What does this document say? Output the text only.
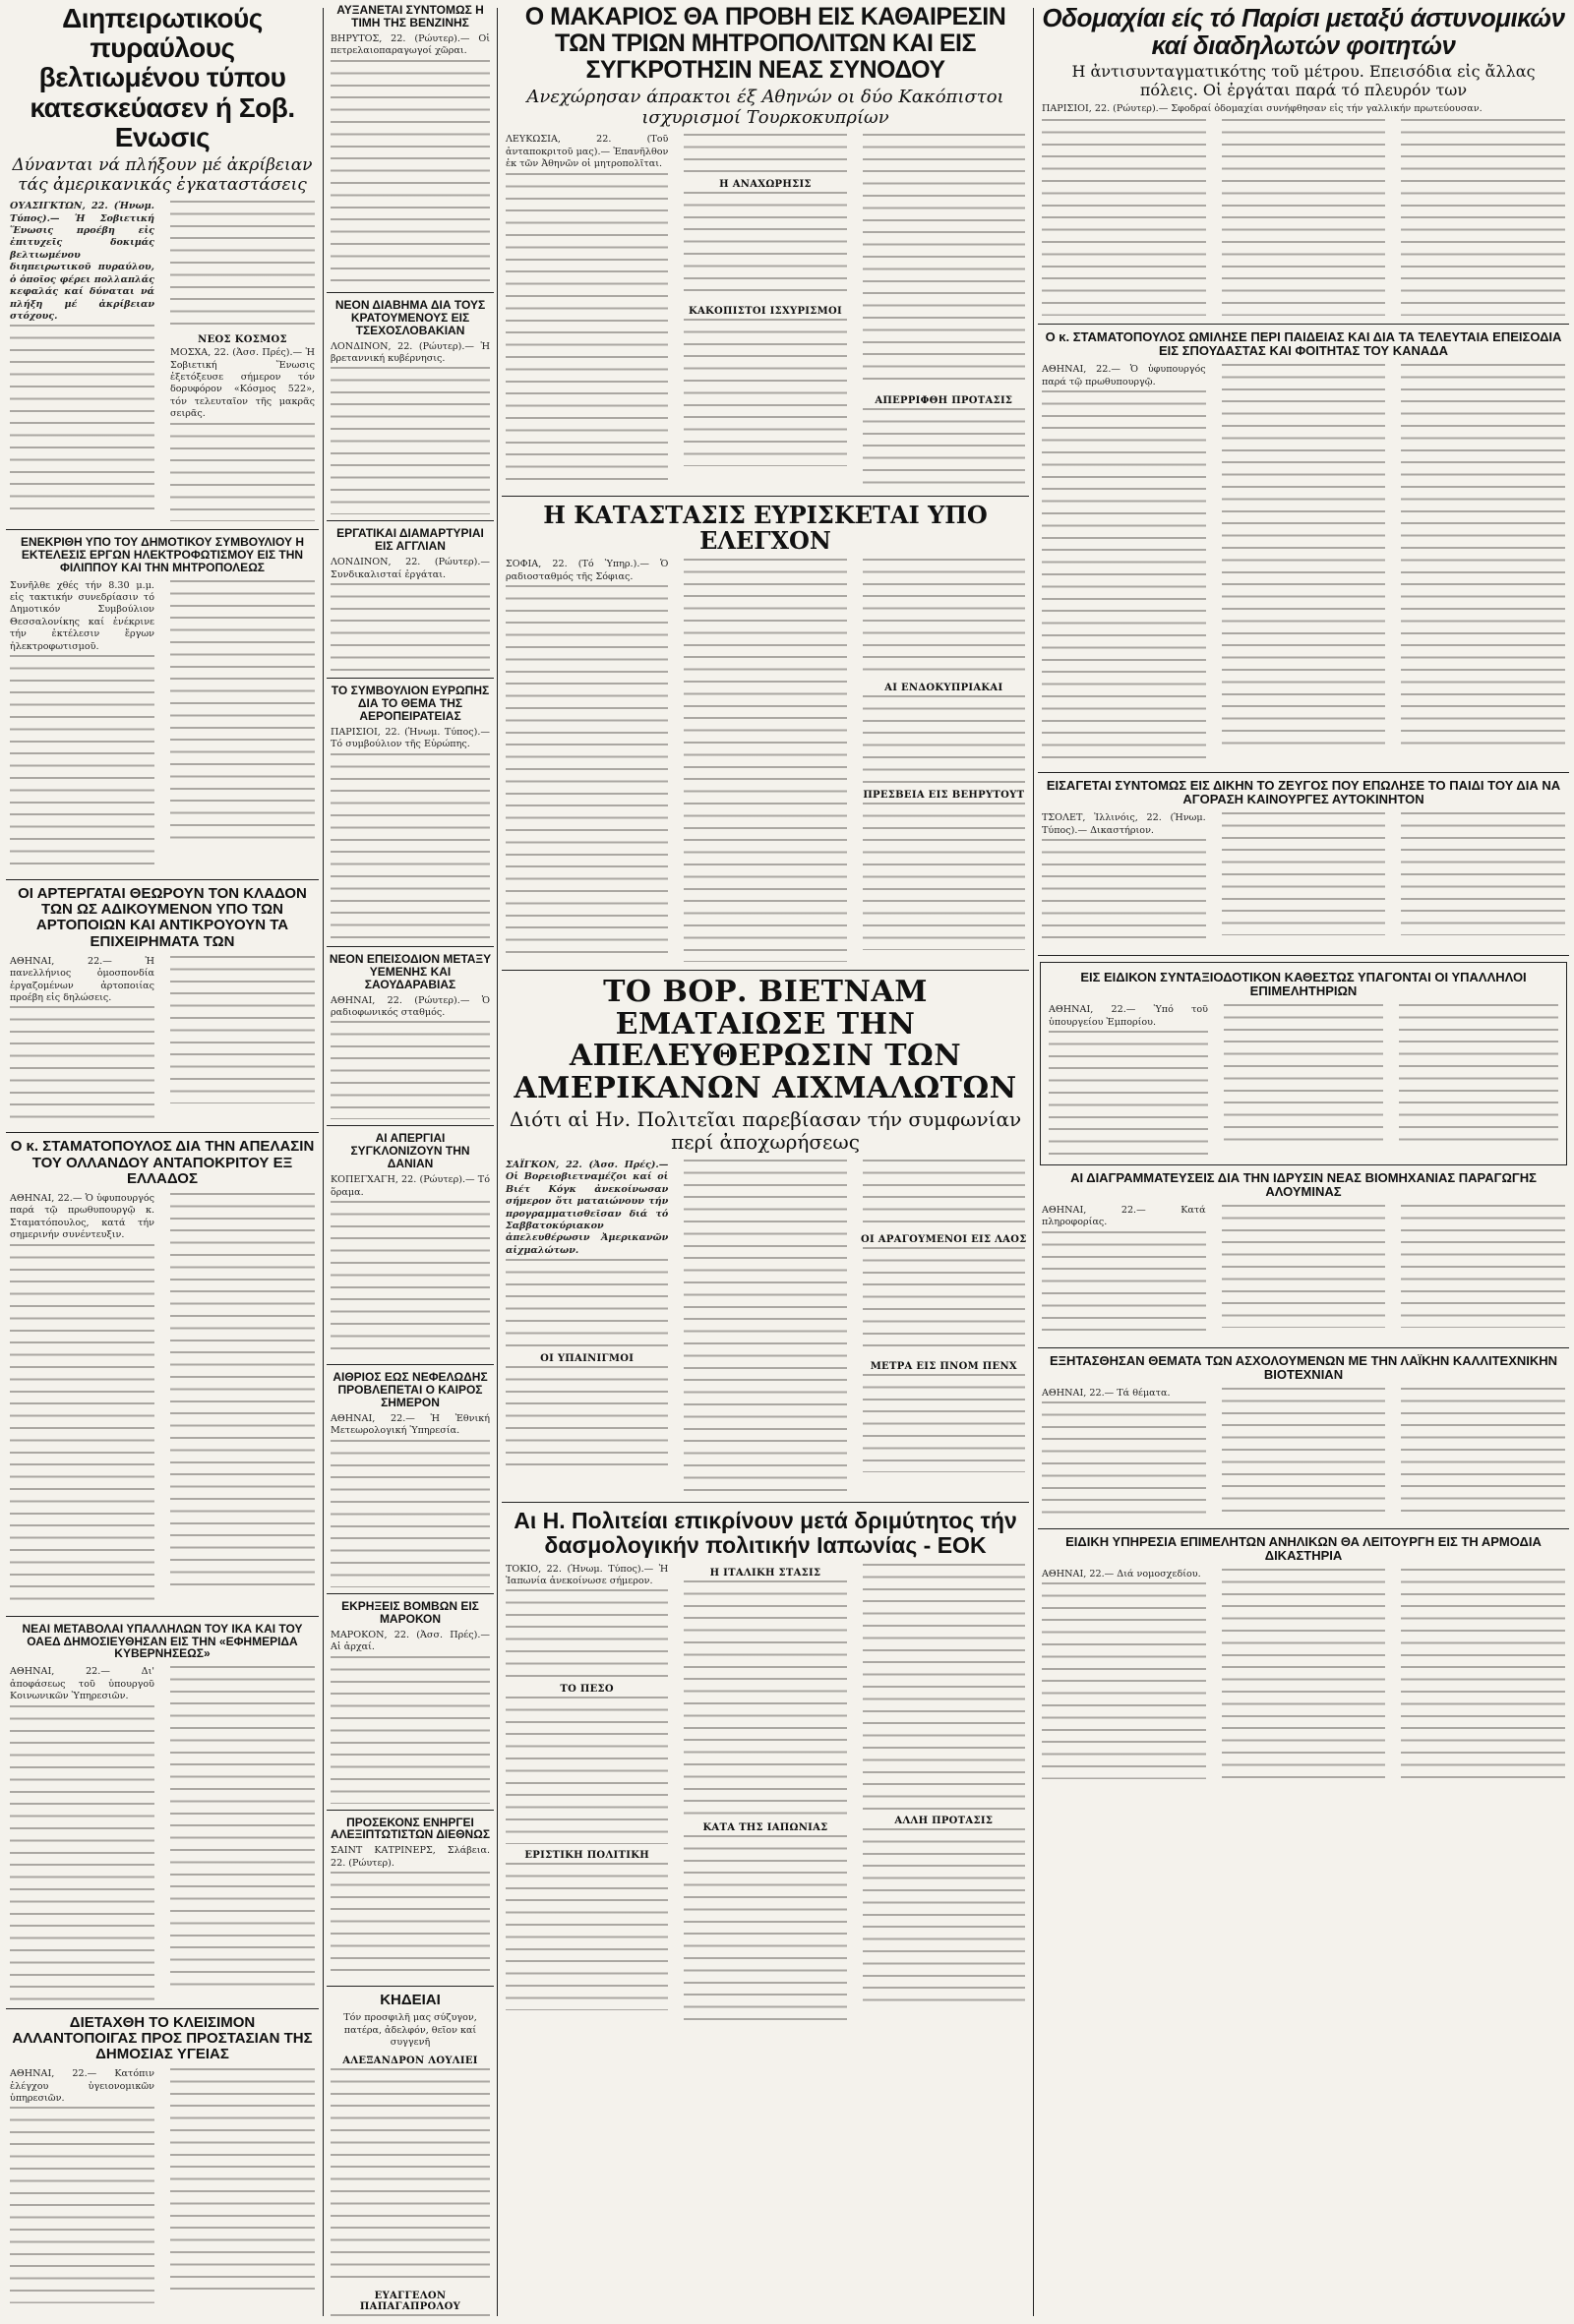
Διηπειρωτικούς πυραύλους βελτιωμένου τύπου κατεσκεύασεν ή Σοβ. Ενωσις
Δύνανται νά πλήξουν μέ ἀκρίβειαν τάς ἀμερικανικάς ἐγκαταστάσεις
ΟΥΑΣΙΓΚΤΩΝ, 22. (Ἡνωμ. Τύπος).— Ἡ Σοβιετική Ἕνωσις προέβη εἰς ἐπιτυχεῖς δοκιμάς βελτιωμένου διηπειρωτικοῦ πυραύλου, ὁ ὁποῖος φέρει πολλαπλάς κεφαλάς καί δύναται νά πλήξη μέ ἀκρίβειαν στόχους.
ΝΕΟΣ ΚΟΣΜΟΣ
ΜΟΣΧΑ, 22. (Ἀσσ. Πρές).— Ἡ Σοβιετική Ἕνωσις ἐξετόξευσε σήμερον τόν δορυφόρον «Κόσμος 522», τόν τελευταῖον τῆς μακρᾶς σειρᾶς.
ΕΝΕΚΡΙΘΗ ΥΠΟ ΤΟΥ ΔΗΜΟΤΙΚΟΥ ΣΥΜΒΟΥΛΙΟΥ Η ΕΚΤΕΛΕΣΙΣ ΕΡΓΩΝ ΗΛΕΚΤΡΟΦΩΤΙΣΜΟΥ ΕΙΣ ΤΗΝ ΦΙΛΙΠΠΟΥ ΚΑΙ ΤΗΝ ΜΗΤΡΟΠΟΛΕΩΣ
Συνῆλθε χθές τήν 8.30 μ.μ. εἰς τακτικήν συνεδρίασιν τό Δημοτικόν Συμβούλιον Θεσσαλονίκης καί ἐνέκρινε τήν ἐκτέλεσιν ἔργων ἠλεκτροφωτισμοῦ.
ΟΙ ΑΡΤΕΡΓΑΤΑΙ ΘΕΩΡΟΥΝ ΤΟΝ ΚΛΑΔΟΝ ΤΩΝ ΩΣ ΑΔΙΚΟΥΜΕΝΟΝ ΥΠΟ ΤΩΝ ΑΡΤΟΠΟΙΩΝ ΚΑΙ ΑΝΤΙΚΡΟΥΟΥΝ ΤΑ ΕΠΙΧΕΙΡΗΜΑΤΑ ΤΩΝ
ΑΘΗΝΑΙ, 22.— Ἡ πανελλήνιος ὁμοσπονδία ἐργαζομένων ἀρτοποιίας προέβη εἰς δηλώσεις.
Ο κ. ΣΤΑΜΑΤΟΠΟΥΛΟΣ ΔΙΑ ΤΗΝ ΑΠΕΛΑΣΙΝ ΤΟΥ ΟΛΛΑΝΔΟΥ ΑΝΤΑΠΟΚΡΙΤΟΥ ΕΞ ΕΛΛΑΔΟΣ
ΑΘΗΝΑΙ, 22.— Ὁ ὑφυπουργός παρά τῷ πρωθυπουργῷ κ. Σταματόπουλος, κατά τήν σημερινήν συνέντευξιν.
ΝΕΑΙ ΜΕΤΑΒΟΛΑΙ ΥΠΑΛΛΗΛΩΝ ΤΟΥ ΙΚΑ ΚΑΙ ΤΟΥ ΟΑΕΔ ΔΗΜΟΣΙΕΥΘΗΣΑΝ ΕΙΣ ΤΗΝ «ΕΦΗΜΕΡΙΔΑ ΚΥΒΕΡΝΗΣΕΩΣ»
ΑΘΗΝΑΙ, 22.— Δι' ἀποφάσεως τοῦ ὑπουργοῦ Κοινωνικῶν Ὑπηρεσιῶν.
ΔΙΕΤΑΧΘΗ ΤΟ ΚΛΕΙΣΙΜΟΝ ΑΛΛΑΝΤΟΠΟΙΓΑΣ ΠΡΟΣ ΠΡΟΣΤΑΣΙΑΝ ΤΗΣ ΔΗΜΟΣΙΑΣ ΥΓΕΙΑΣ
ΑΘΗΝΑΙ, 22.— Κατόπιν ἐλέγχου ὑγειονομικῶν ὑπηρεσιῶν.
ΑΥΞΑΝΕΤΑΙ ΣΥΝΤΟΜΩΣ Η ΤΙΜΗ ΤΗΣ ΒΕΝΖΙΝΗΣ
ΒΗΡΥΤΟΣ, 22. (Ρώυτερ).— Οἱ πετρελαιοπαραγωγοί χῶραι.
ΝΕΟΝ ΔΙΑΒΗΜΑ ΔΙΑ ΤΟΥΣ ΚΡΑΤΟΥΜΕΝΟΥΣ ΕΙΣ ΤΣΕΧΟΣΛΟΒΑΚΙΑΝ
ΛΟΝΔΙΝΟΝ, 22. (Ρώυτερ).— Ἡ βρεταννική κυβέρνησις.
ΕΡΓΑΤΙΚΑΙ ΔΙΑΜΑΡΤΥΡΙΑΙ ΕΙΣ ΑΓΓΛΙΑΝ
ΛΟΝΔΙΝΟΝ, 22. (Ρώυτερ).— Συνδικαλισταί ἐργάται.
ΤΟ ΣΥΜΒΟΥΛΙΟΝ ΕΥΡΩΠΗΣ ΔΙΑ ΤΟ ΘΕΜΑ ΤΗΣ ΑΕΡΟΠΕΙΡΑΤΕΙΑΣ
ΠΑΡΙΣΙΟΙ, 22. (Ἡνωμ. Τύπος).— Τό συμβούλιον τῆς Εὐρώπης.
ΝΕΟΝ ΕΠΕΙΣΟΔΙΟΝ ΜΕΤΑΞΥ ΥΕΜΕΝΗΣ ΚΑΙ ΣΑΟΥΔΑΡΑΒΙΑΣ
ΑΘΗΝΑΙ, 22. (Ρώυτερ).— Ὁ ραδιοφωνικός σταθμός.
ΑΙ ΑΠΕΡΓΙΑΙ ΣΥΓΚΛΟΝΙΖΟΥΝ ΤΗΝ ΔΑΝΙΑΝ
ΚΟΠΕΓΧΑΓΗ, 22. (Ρώυτερ).— Τό ὅραμα.
ΑΙΘΡΙΟΣ ΕΩΣ ΝΕΦΕΛΩΔΗΣ ΠΡΟΒΛΕΠΕΤΑΙ Ο ΚΑΙΡΟΣ ΣΗΜΕΡΟΝ
ΑΘΗΝΑΙ, 22.— Ἡ Ἐθνική Μετεωρολογική Ὑπηρεσία.
ΕΚΡΗΞΕΙΣ ΒΟΜΒΩΝ ΕΙΣ ΜΑΡΟΚΟΝ
ΜΑΡΟΚΟΝ, 22. (Ἀσσ. Πρές).— Αἱ ἀρχαί.
ΠΡΟΣΕΚΟΝΣ ΕΝΗΡΓΕΙ ΑΛΕΞΙΠΤΩΤΙΣΤΩΝ ΔΙΕΘΝΩΣ
ΣΑΙΝΤ ΚΑΤΡΙΝΕΡΣ, Σλάβεια. 22. (Ρώυτερ).
ΚΗΔΕΙΑΙ
Τόν προσφιλῆ μας σύζυγον, πατέρα, ἀδελφόν, θεῖον καί συγγενῆ
ΑΛΕΞΑΝΔΡΟΝ ΛΟΥΛΙΕΙ
ΕΥΑΓΓΕΛΟΝ ΠΑΠΑΓΑΠΡΟΛΟΥ
Ο ΜΑΚΑΡΙΟΣ ΘΑ ΠΡΟΒΗ ΕΙΣ ΚΑΘΑΙΡΕΣΙΝ ΤΩΝ ΤΡΙΩΝ ΜΗΤΡΟΠΟΛΙΤΩΝ ΚΑΙ ΕΙΣ ΣΥΓΚΡΟΤΗΣΙΝ ΝΕΑΣ ΣΥΝΟΔΟΥ
Ανεχώρησαν άπρακτοι έξ Αθηνών οι δύο Κακόπιστοι ισχυρισμοί Τουρκοκυπρίων
ΛΕΥΚΩΣΙΑ, 22. (Τοῦ ἀνταποκριτοῦ μας).— Ἐπανῆλθον ἐκ τῶν Ἀθηνῶν οἱ μητροπολῖται.
Η ΑΝΑΧΩΡΗΣΙΣ
ΚΑΚΟΠΙΣΤΟΙ ΙΣΧΥΡΙΣΜΟΙ
ΑΠΕΡΡΙΦΘΗ ΠΡΟΤΑΣΙΣ
Η ΚΑΤΑΣΤΑΣΙΣ ΕΥΡΙΣΚΕΤΑΙ ΥΠΟ ΕΛΕΓΧΟΝ
ΣΟΦΙΑ, 22. (Τό Ὑπηρ.).— Ὁ ραδιοσταθμός τῆς Σόφιας.
ΑΙ ΕΝΔΟΚΥΠΡΙΑΚΑΙ
ΠΡΕΣΒΕΙΑ ΕΙΣ ΒΕΗΡΥΤΟΥΤ
ΤΟ ΒΟΡ. ΒΙΕΤΝΑΜ ΕΜΑΤΑΙΩΣΕ ΤΗΝ ΑΠΕΛΕΥΘΕΡΩΣΙΝ ΤΩΝ ΑΜΕΡΙΚΑΝΩΝ ΑΙΧΜΑΛΩΤΩΝ
Διότι αἱ Ην. Πολιτεῖαι παρεβίασαν τήν συμφωνίαν περί ἀποχωρήσεως
ΣΑΪΓΚΟΝ, 22. (Ἀσσ. Πρές).— Οἱ Βορειοβιετναμέζοι καί οἱ Βιέτ Κόγκ ἀνεκοίνωσαν σήμερον ὅτι ματαιώνουν τήν προγραμματισθεῖσαν διά τό Σαββατοκύριακον ἀπελευθέρωσιν Ἀμερικανῶν αἰχμαλώτων.
ΟΙ ΥΠΑΙΝΙΓΜΟΙ
ΟΙ ΑΡΑΓΟΥΜΕΝΟΙ ΕΙΣ ΛΑΟΣ
ΜΕΤΡΑ ΕΙΣ ΠΝΟΜ ΠΕΝΧ
Αι Η. Πολιτείαι επικρίνουν μετά δριμύτητος τήν δασμολογικήν πολιτικήν Ιαπωνίας - ΕΟΚ
ΤΟΚΙΟ, 22. (Ἡνωμ. Τύπος).— Ἡ Ἰαπωνία ἀνεκοίνωσε σήμερον.
ΤΟ ΠΕΣΟ
ΕΡΙΣΤΙΚΗ ΠΟΛΙΤΙΚΗ
Η ΙΤΑΛΙΚΗ ΣΤΑΣΙΣ
ΚΑΤΑ ΤΗΣ ΙΑΠΩΝΙΑΣ
ΑΛΛΗ ΠΡΟΤΑΣΙΣ
Οδομαχίαι είς τό Παρίσι μεταξύ άστυνομικών καί διαδηλωτών φοιτητών
Η ἀντισυνταγματικότης τοῦ μέτρου. Επεισόδια εἰς ἄλλας πόλεις. Οἱ ἐργάται παρά τό πλευρόν των
ΠΑΡΙΣΙΟΙ, 22. (Ρώυτερ).— Σφοδραί ὁδομαχίαι συνήφθησαν εἰς τήν γαλλικήν πρωτεύουσαν.
Ο κ. ΣΤΑΜΑΤΟΠΟΥΛΟΣ ΩΜΙΛΗΣΕ ΠΕΡΙ ΠΑΙΔΕΙΑΣ ΚΑΙ ΔΙΑ ΤΑ ΤΕΛΕΥΤΑΙΑ ΕΠΕΙΣΟΔΙΑ ΕΙΣ ΣΠΟΥΔΑΣΤΑΣ ΚΑΙ ΦΟΙΤΗΤΑΣ ΤΟΥ ΚΑΝΑΔΑ
ΑΘΗΝΑΙ, 22.— Ὁ ὑφυπουργός παρά τῷ πρωθυπουργῷ.
ΕΙΣΑΓΕΤΑΙ ΣΥΝΤΟΜΩΣ ΕΙΣ ΔΙΚΗΝ ΤΟ ΖΕΥΓΟΣ ΠΟΥ ΕΠΩΛΗΣΕ ΤΟ ΠΑΙΔΙ ΤΟΥ ΔΙΑ ΝΑ ΑΓΟΡΑΣΗ ΚΑΙΝΟΥΡΓΕΣ ΑΥΤΟΚΙΝΗΤΟΝ
ΤΣΟΛΕΤ, Ἰλλινόις, 22. (Ἡνωμ. Τύπος).— Δικαστήριον.
ΕΙΣ ΕΙΔΙΚΟΝ ΣΥΝΤΑΞΙΟΔΟΤΙΚΟΝ ΚΑΘΕΣΤΩΣ ΥΠΑΓΟΝΤΑΙ ΟΙ ΥΠΑΛΛΗΛΟΙ ΕΠΙΜΕΛΗΤΗΡΙΩΝ
ΑΘΗΝΑΙ, 22.— Ὑπό τοῦ ὑπουργείου Ἐμπορίου.
ΑΙ ΔΙΑΓΡΑΜΜΑΤΕΥΣΕΙΣ ΔΙΑ ΤΗΝ ΙΔΡΥΣΙΝ ΝΕΑΣ ΒΙΟΜΗΧΑΝΙΑΣ ΠΑΡΑΓΩΓΗΣ ΑΛΟΥΜΙΝΑΣ
ΑΘΗΝΑΙ, 22.— Κατά πληροφορίας.
ΕΞΗΤΑΣΘΗΣΑΝ ΘΕΜΑΤΑ ΤΩΝ ΑΣΧΟΛΟΥΜΕΝΩΝ ΜΕ ΤΗΝ ΛΑΪΚΗΝ ΚΑΛΛΙΤΕΧΝΙΚΗΝ ΒΙΟΤΕΧΝΙΑΝ
ΑΘΗΝΑΙ, 22.— Τά θέματα.
ΕΙΔΙΚΗ ΥΠΗΡΕΣΙΑ ΕΠΙΜΕΛΗΤΩΝ ΑΝΗΛΙΚΩΝ ΘΑ ΛΕΙΤΟΥΡΓΗ ΕΙΣ ΤΗ ΑΡΜΟΔΙΑ ΔΙΚΑΣΤΗΡΙΑ
ΑΘΗΝΑΙ, 22.— Διά νομοσχεδίου.
